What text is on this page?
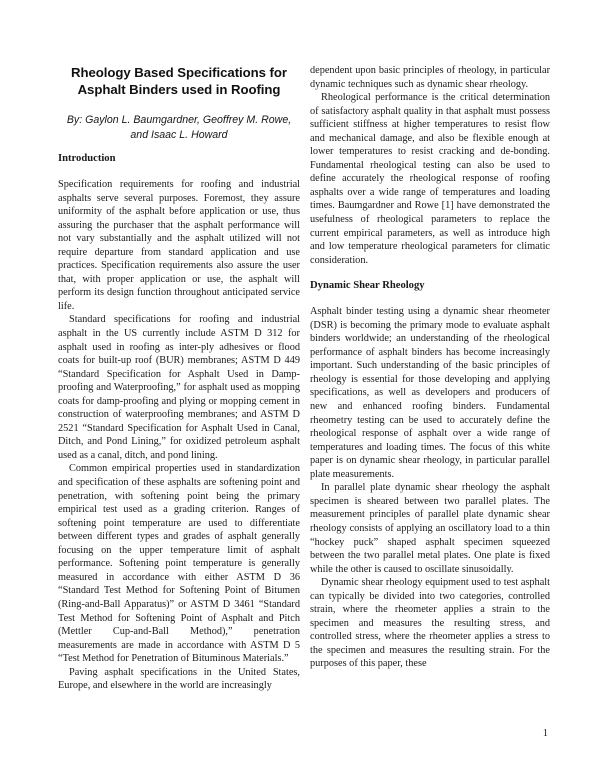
Rheology Based Specifications for
Asphalt Binders used in Roofing

By: Gaylon L. Baumgardner, Geoffrey M. Rowe, and Isaac L. Howard

Introduction

Specification requirements for roofing and industrial asphalts serve several purposes. Foremost, they assure uniformity of the asphalt before application or use, thus assuring the purchaser that the asphalt performance will not vary substantially and the asphalt utilized will not require departure from standard application and use practices. Specification requirements also assure the user that, with proper application or use, the asphalt will perform its design function throughout anticipated service life.

Standard specifications for roofing and industrial asphalt in the US currently include ASTM D 312 for asphalt used in roofing as inter-ply adhesives or flood coats for built-up roof (BUR) membranes; ASTM D 449 “Standard Specification for Asphalt Used in Damp-proofing and Waterproofing,” for asphalt used as mopping coats for damp-proofing and plying or mopping cement in construction of waterproofing membranes; and ASTM D 2521 “Standard Specification for Asphalt Used in Canal, Ditch, and Pond Lining,” for oxidized petroleum asphalt used as a canal, ditch, and pond lining.

Common empirical properties used in standardization and specification of these asphalts are softening point and penetration, with softening point being the primary empirical test used as a grading criterion. Ranges of softening point temperature are used to differentiate between different types and grades of asphalt generally focusing on the upper temperature limit of asphalt performance. Softening point temperature is generally measured in accordance with either ASTM D 36 “Standard Test Method for Softening Point of Bitumen (Ring-and-Ball Apparatus)” or ASTM D 3461 “Standard Test Method for Softening Point of Asphalt and Pitch (Mettler Cup-and-Ball Method),” penetration measurements are made in accordance with ASTM D 5 “Test Method for Penetration of Bituminous Materials.”

Paving asphalt specifications in the United States, Europe, and elsewhere in the world are increasingly

dependent upon basic principles of rheology, in particular dynamic techniques such as dynamic shear rheology.

Rheological performance is the critical determination of satisfactory asphalt quality in that asphalt must possess sufficient stiffness at higher temperatures to resist flow and mechanical damage, and also be flexible enough at lower temperatures to resist cracking and de-bonding. Fundamental rheological testing can also be used to define accurately the rheological response of roofing asphalts over a wide range of temperatures and loading times. Baumgardner and Rowe [1] have demonstrated the usefulness of rheological parameters to replace the current empirical parameters, as well as introduce high and low temperature rheological parameters for climatic consideration.

Dynamic Shear Rheology

Asphalt binder testing using a dynamic shear rheometer (DSR) is becoming the primary mode to evaluate asphalt binders worldwide; an understanding of the rheological performance of asphalt binders has become increasingly important. Such understanding of the basic principles of rheology is essential for those developing and applying specifications, as well as developers and producers of new and enhanced roofing binders. Fundamental rheometry testing can be used to accurately define the rheological response of asphalt over a wide range of temperatures and loading times. The focus of this white paper is on dynamic shear rheology, in particular parallel plate measurements.

In parallel plate dynamic shear rheology the asphalt specimen is sheared between two parallel plates. The measurement principles of parallel plate dynamic shear rheology consists of applying an oscillatory load to a thin “hockey puck” shaped asphalt specimen squeezed between the two parallel metal plates. One plate is fixed while the other is caused to oscillate sinusoidally.

Dynamic shear rheology equipment used to test asphalt can typically be divided into two categories, controlled strain, where the rheometer applies a strain to the specimen and measures the resulting stress, and controlled stress, where the rheometer applies a stress to the specimen and measures the resulting strain. For the purposes of this paper, these

1
